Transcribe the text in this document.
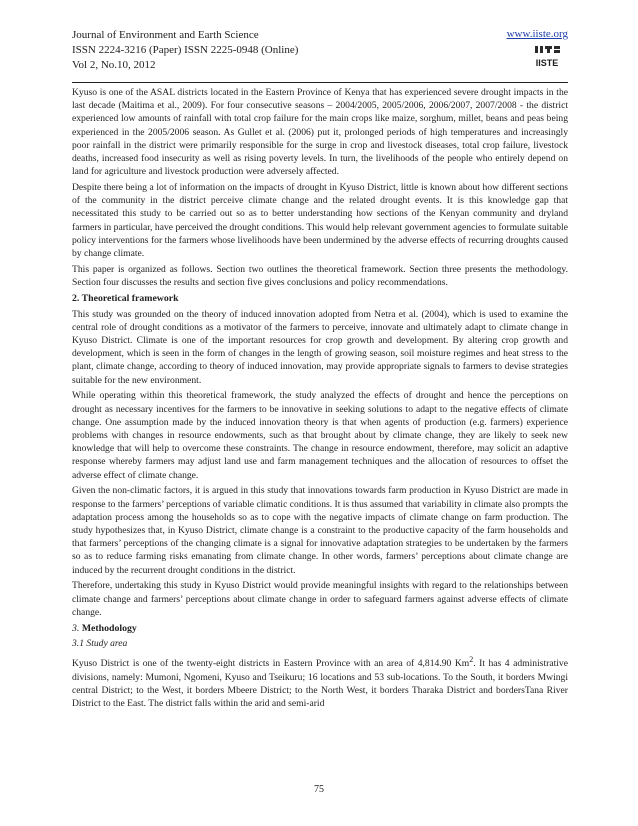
Journal of Environment and Earth Science
ISSN 2224-3216 (Paper) ISSN 2225-0948 (Online)
Vol 2, No.10, 2012
www.iiste.org
IISTE

Kyuso is one of the ASAL districts located in the Eastern Province of Kenya that has experienced severe drought impacts in the last decade (Maitima et al., 2009). For four consecutive seasons – 2004/2005, 2005/2006, 2006/2007, 2007/2008 - the district experienced low amounts of rainfall with total crop failure for the main crops like maize, sorghum, millet, beans and peas being experienced in the 2005/2006 season. As Gullet et al. (2006) put it, prolonged periods of high temperatures and increasingly poor rainfall in the district were primarily responsible for the surge in crop and livestock diseases, total crop failure, livestock deaths, increased food insecurity as well as rising poverty levels. In turn, the livelihoods of the people who entirely depend on land for agriculture and livestock production were adversely affected.

Despite there being a lot of information on the impacts of drought in Kyuso District, little is known about how different sections of the community in the district perceive climate change and the related drought events. It is this knowledge gap that necessitated this study to be carried out so as to better understanding how sections of the Kenyan community and dryland farmers in particular, have perceived the drought conditions. This would help relevant government agencies to formulate suitable policy interventions for the farmers whose livelihoods have been undermined by the adverse effects of recurring droughts caused by change climate.

This paper is organized as follows. Section two outlines the theoretical framework. Section three presents the methodology. Section four discusses the results and section five gives conclusions and policy recommendations.

2. Theoretical framework

This study was grounded on the theory of induced innovation adopted from Netra et al. (2004), which is used to examine the central role of drought conditions as a motivator of the farmers to perceive, innovate and ultimately adapt to climate change in Kyuso District. Climate is one of the important resources for crop growth and development. By altering crop growth and development, which is seen in the form of changes in the length of growing season, soil moisture regimes and heat stress to the plant, climate change, according to theory of induced innovation, may provide appropriate signals to farmers to devise strategies suitable for the new environment.

While operating within this theoretical framework, the study analyzed the effects of drought and hence the perceptions on drought as necessary incentives for the farmers to be innovative in seeking solutions to adapt to the negative effects of climate change. One assumption made by the induced innovation theory is that when agents of production (e.g. farmers) experience problems with changes in resource endowments, such as that brought about by climate change, they are likely to seek new knowledge that will help to overcome these constraints. The change in resource endowment, therefore, may solicit an adaptive response whereby farmers may adjust land use and farm management techniques and the allocation of resources to offset the adverse effect of climate change.

Given the non-climatic factors, it is argued in this study that innovations towards farm production in Kyuso District are made in response to the farmers’ perceptions of variable climatic conditions. It is thus assumed that variability in climate also prompts the adaptation process among the households so as to cope with the negative impacts of climate change on farm production. The study hypothesizes that, in Kyuso District, climate change is a constraint to the productive capacity of the farm households and that farmers’ perceptions of the changing climate is a signal for innovative adaptation strategies to be undertaken by the farmers so as to reduce farming risks emanating from climate change. In other words, farmers’ perceptions about climate change are induced by the recurrent drought conditions in the district.

Therefore, undertaking this study in Kyuso District would provide meaningful insights with regard to the relationships between climate change and farmers’ perceptions about climate change in order to safeguard farmers against adverse effects of climate change.

3. Methodology
3.1 Study area

Kyuso District is one of the twenty-eight districts in Eastern Province with an area of 4,814.90 Km$^2$. It has 4 administrative divisions, namely: Mumoni, Ngomeni, Kyuso and Tseikuru; 16 locations and 53 sub-locations. To the South, it borders Mwingi central District; to the West, it borders Mbeere District; to the North West, it borders Tharaka District and bordersTana River District to the East. The district falls within the arid and semi-arid

75
